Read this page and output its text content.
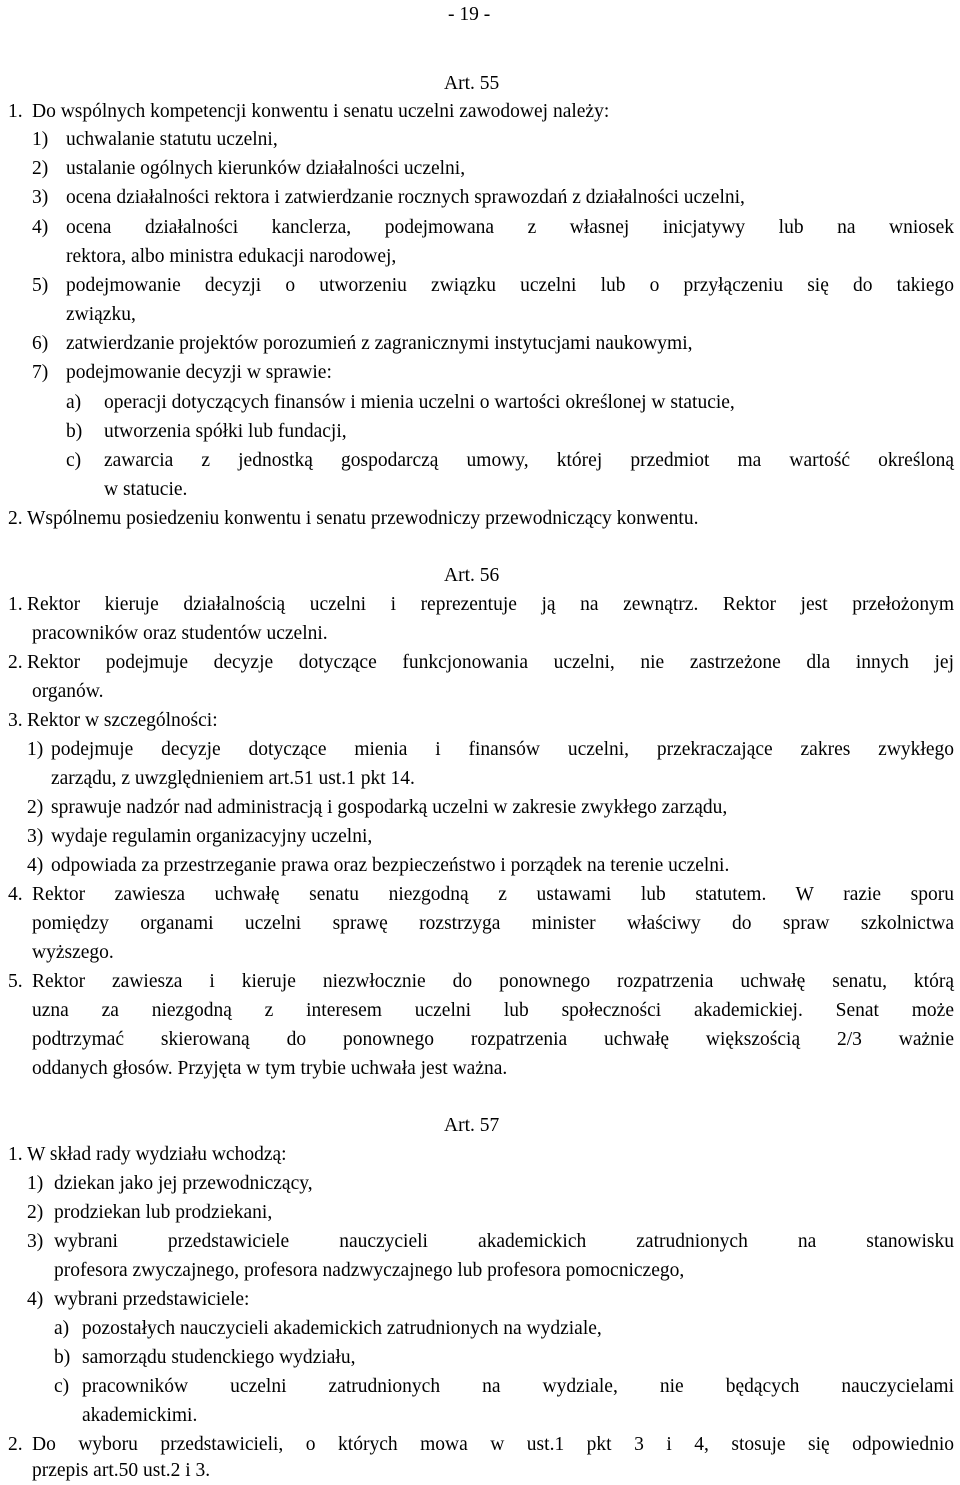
- 19 -
Art. 55
1. Do wspólnych kompetencji konwentu i senatu uczelni zawodowej należy:
1) uchwalanie statutu uczelni,
2) ustalanie ogólnych kierunków działalności uczelni,
3) ocena działalności rektora i zatwierdzanie rocznych sprawozdań z działalności uczelni,
4) ocena działalności kanclerza, podejmowana z własnej inicjatywy lub na wniosek
rektora, albo ministra edukacji narodowej,
5) podejmowanie decyzji o utworzeniu związku uczelni lub o przyłączeniu się do takiego
związku,
6) zatwierdzanie projektów porozumień z zagranicznymi instytucjami naukowymi,
7) podejmowanie decyzji w sprawie:
a) operacji dotyczących finansów i mienia uczelni o wartości określonej w statucie,
b) utworzenia spółki lub fundacji,
c) zawarcia z jednostką gospodarczą umowy, której przedmiot ma wartość określoną
w statucie.
2. Wspólnemu posiedzeniu konwentu i senatu przewodniczy przewodniczący konwentu.
Art. 56
1. Rektor kieruje działalnością uczelni i reprezentuje ją na zewnątrz. Rektor jest przełożonym
pracowników oraz studentów uczelni.
2. Rektor podejmuje decyzje dotyczące funkcjonowania uczelni, nie zastrzeżone dla innych jej
organów.
3. Rektor w szczególności:
1) podejmuje decyzje dotyczące mienia i finansów uczelni, przekraczające zakres zwykłego
zarządu, z uwzględnieniem art.51 ust.1 pkt 14.
2) sprawuje nadzór nad administracją i gospodarką uczelni w zakresie zwykłego zarządu,
3) wydaje regulamin organizacyjny uczelni,
4) odpowiada za przestrzeganie prawa oraz bezpieczeństwo i porządek na terenie uczelni.
4. Rektor zawiesza uchwałę senatu niezgodną z ustawami lub statutem. W razie sporu
pomiędzy organami uczelni sprawę rozstrzyga minister właściwy do spraw szkolnictwa
wyższego.
5. Rektor zawiesza i kieruje niezwłocznie do ponownego rozpatrzenia uchwałę senatu, którą
uzna za niezgodną z interesem uczelni lub społeczności akademickiej. Senat może
podtrzymać skierowaną do ponownego rozpatrzenia uchwałę większością 2/3 ważnie
oddanych głosów. Przyjęta w tym trybie uchwała jest ważna.
Art. 57
1. W skład rady wydziału wchodzą:
1) dziekan jako jej przewodniczący,
2) prodziekan lub prodziekani,
3) wybrani przedstawiciele nauczycieli akademickich zatrudnionych na stanowisku
profesora zwyczajnego, profesora nadzwyczajnego lub profesora pomocniczego,
4) wybrani przedstawiciele:
a) pozostałych nauczycieli akademickich zatrudnionych na wydziale,
b) samorządu studenckiego wydziału,
c) pracowników uczelni zatrudnionych na wydziale, nie będących nauczycielami
akademickimi.
2. Do wyboru przedstawicieli, o których mowa w ust.1 pkt 3 i 4, stosuje się odpowiednio
przepis art.50 ust.2 i 3.
